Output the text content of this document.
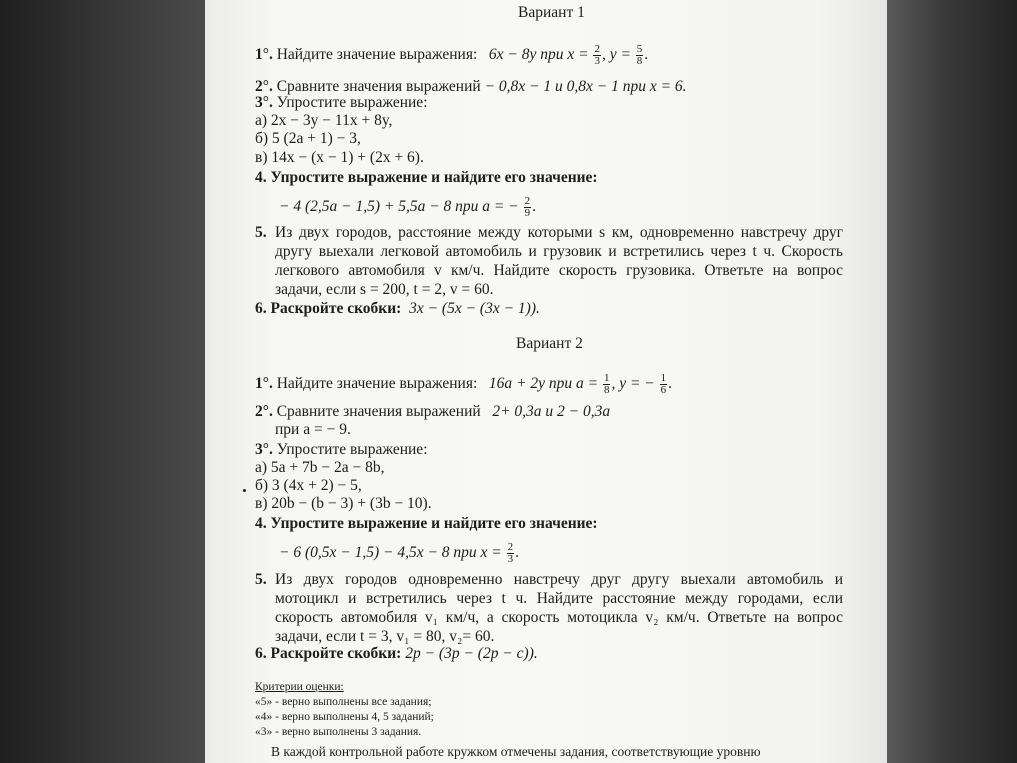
Вариант 1
1°. Найдите значение выражения: 6x − 8y при $x = \frac{2}{3}$ , $y = \frac{5}{8}$ .
2°. Сравните значения выражений − 0,8x − 1 и 0,8x − 1 при x = 6.
3°. Упростите выражение:
а) 2x − 3y − 11x + 8y,
б) 5 (2a + 1) − 3,
в) 14x − (x − 1) + (2x + 6).
4. Упростите выражение и найдите его значение:
− 4 (2,5a − 1,5) + 5,5a − 8 при a = − $\frac{2}{9}$ .
5. Из двух городов, расстояние между которыми s км, одновременно навстречу друг
другу выехали легковой автомобиль и грузовик и встретились через t ч. Скорость
легкового автомобиля v км/ч. Найдите скорость грузовика. Ответьте на вопрос
задачи, если s = 200, t = 2, v = 60.
6. Раскройте скобки: 3x − (5x − (3x − 1)).
Вариант 2
1°. Найдите значение выражения: 16a + 2y при $a = \frac{1}{8}$ , y = − $\frac{1}{6}$ .
2°. Сравните значения выражений 2+ 0,3a и 2 − 0,3a
при a = − 9.
3°. Упростите выражение:
а) 5a + 7b − 2a − 8b,
б) 3 (4x + 2) − 5,
в) 20b − (b − 3) + (3b − 10).
4. Упростите выражение и найдите его значение:
− 6 (0,5x − 1,5) − 4,5x − 8 при $x = \frac{2}{3}$ .
5. Из двух городов одновременно навстречу друг другу выехали автомобиль и
мотоцикл и встретились через t ч. Найдите расстояние между городами, если
скорость автомобиля v₁ км/ч, а скорость мотоцикла v₂ км/ч. Ответьте на вопрос
задачи, если t = 3, v₁ = 80, v₂= 60.
6. Раскройте скобки: 2p − (3p − (2p − c)).
Критерии оценки:
«5» - верно выполнены все задания;
«4» - верно выполнены 4, 5 заданий;
«3» - верно выполнены 3 задания.
В каждой контрольной работе кружком отмечены задания, соответствующие уровню
